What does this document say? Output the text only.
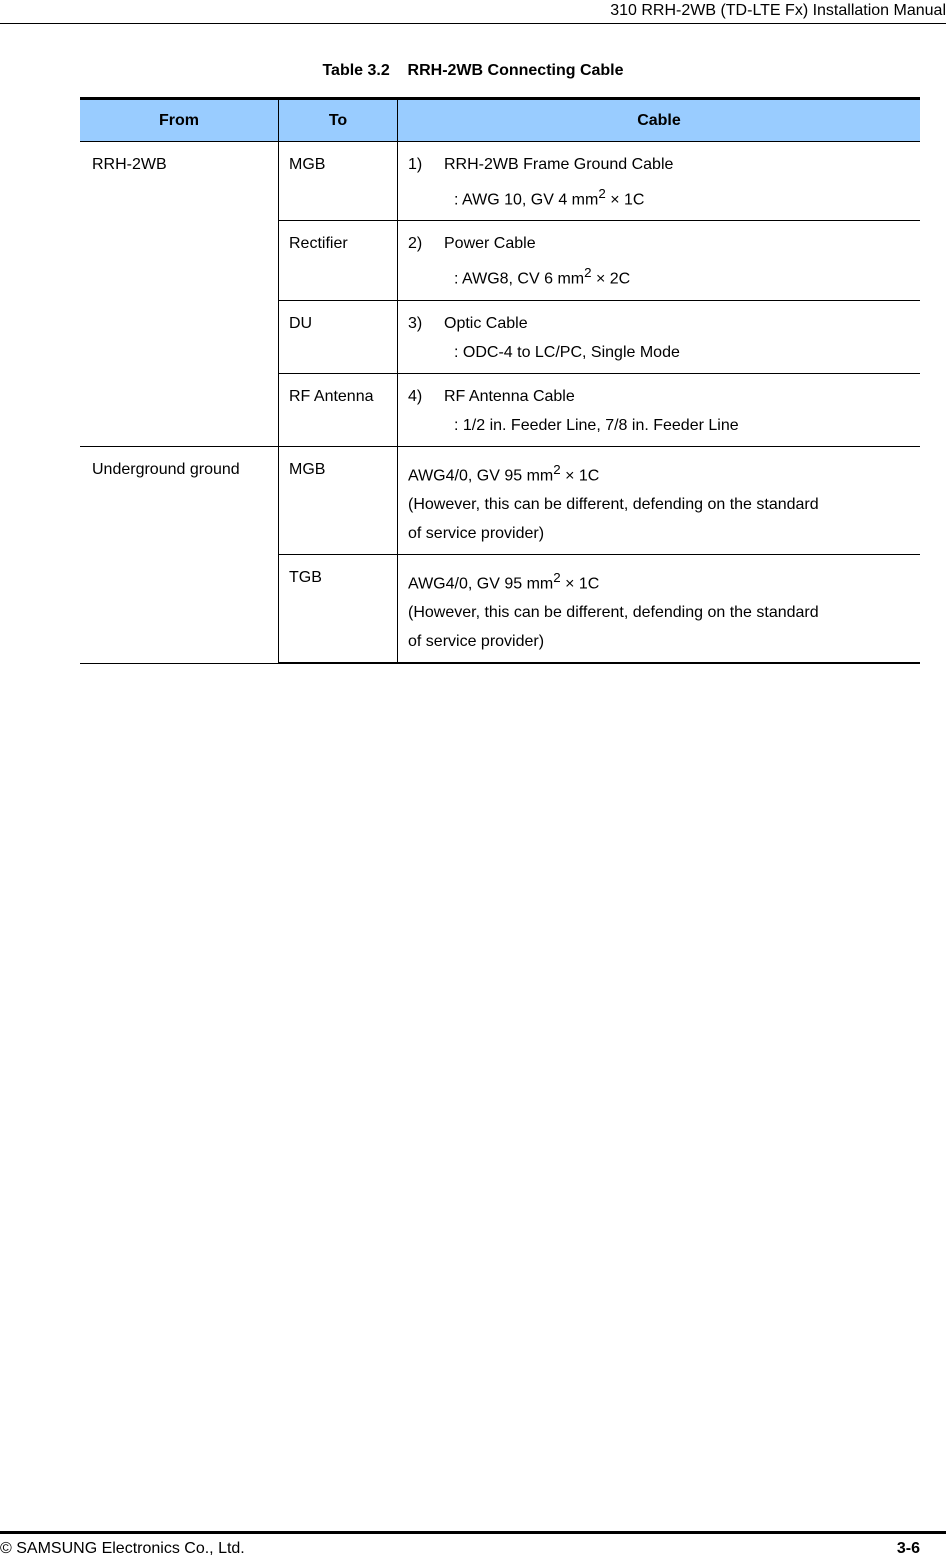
310 RRH-2WB (TD-LTE Fx) Installation Manual
Table 3.2    RRH-2WB Connecting Cable
From	To	Cable
RRH-2WB	MGB	1) RRH-2WB Frame Ground Cable
: AWG 10, GV 4 $mm^2 \times 1C$

	Rectifier	2) Power Cable
: AWG8, CV 6 $mm^2 \times 2C$

	DU	3) Optic Cable
: ODC-4 to LC/PC, Single Mode

	RF Antenna	4) RF Antenna Cable
: 1/2 in. Feeder Line, 7/8 in. Feeder Line

Underground ground	MGB	AWG4/0, GV 95 $mm^2 \times 1C$
(However, this can be different, defending on the standard
of service provider)

	TGB	AWG4/0, GV 95 $mm^2 \times 1C$
(However, this can be different, defending on the standard
of service provider)
© SAMSUNG Electronics Co., Ltd.	3-6
